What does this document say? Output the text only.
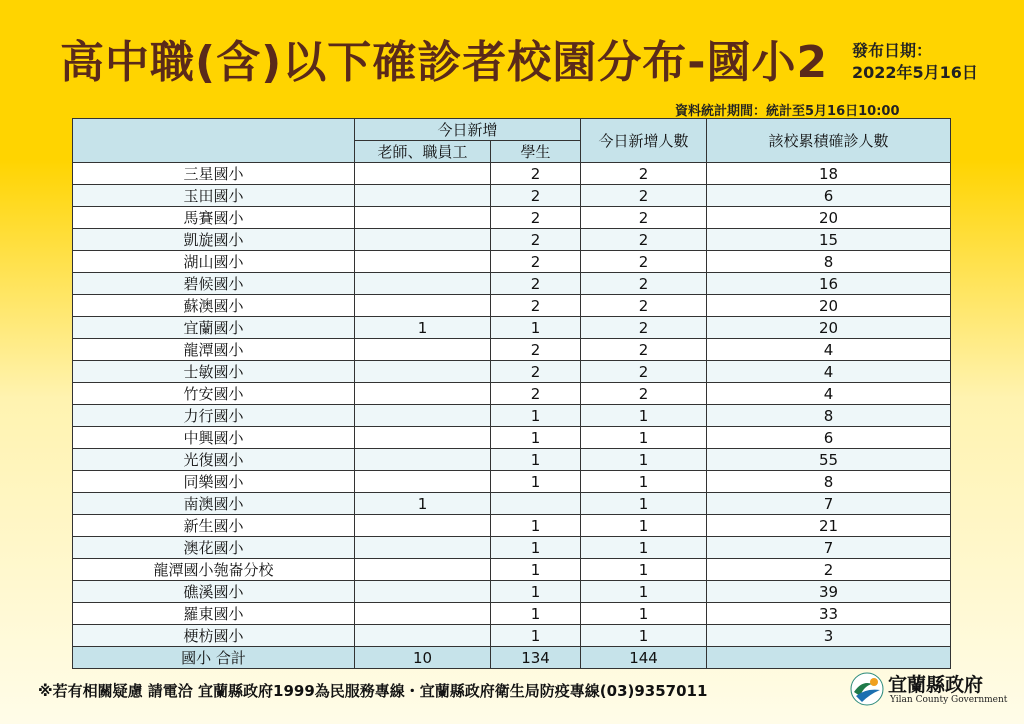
高中職(含)以下確診者校園分布-國小2 發布日期：
2022年5月16日
資料統計期間：統計至5月16日10:00
	今日新增		今日新增人數	該校累積確診人數
	老師、職員工	學生		
三星國小		2	2	18
玉田國小		2	2	6
馬賽國小		2	2	20
凱旋國小		2	2	15
湖山國小		2	2	8
碧候國小		2	2	16
蘇澳國小		2	2	20
宜蘭國小	1	1	2	20
龍潭國小		2	2	4
士敏國小		2	2	4
竹安國小		2	2	4
力行國小		1	1	8
中興國小		1	1	6
光復國小		1	1	55
同樂國小		1	1	8
南澳國小	1		1	7
新生國小		1	1	21
澳花國小		1	1	7
龍潭國小匏崙分校		1	1	2
礁溪國小		1	1	39
羅東國小		1	1	33
梗枋國小		1	1	3
國小 合計	10	134	144	
※若有相關疑慮 請電洽 宜蘭縣政府1999為民服務專線・宜蘭縣政府衛生局防疫專線(03)9357011	宜蘭縣政府
Yilan County Government
